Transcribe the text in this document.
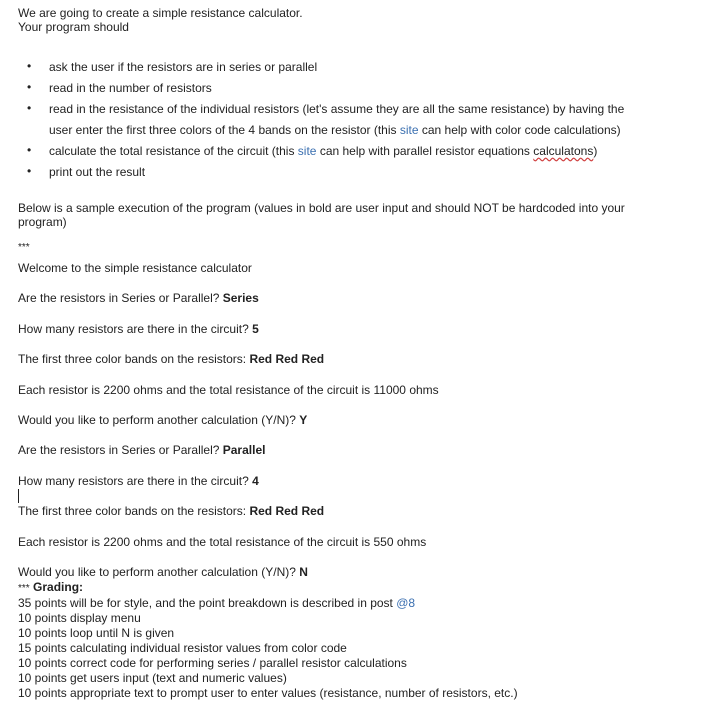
We are going to create a simple resistance calculator.
Your program should
• ask the user if the resistors are in series or parallel
• read in the number of resistors
• read in the resistance of the individual resistors (let's assume they are all the same resistance) by having the
user enter the first three colors of the 4 bands on the resistor (this site can help with color code calculations)
• calculate the total resistance of the circuit (this site can help with parallel resistor equations calculatons)
• print out the result
Below is a sample execution of the program (values in bold are user input and should NOT be hardcoded into your
program)
***
Welcome to the simple resistance calculator
Are the resistors in Series or Parallel? Series
How many resistors are there in the circuit? 5
The first three color bands on the resistors: Red Red Red
Each resistor is 2200 ohms and the total resistance of the circuit is 11000 ohms
Would you like to perform another calculation (Y/N)? Y
Are the resistors in Series or Parallel? Parallel
How many resistors are there in the circuit? 4
The first three color bands on the resistors: Red Red Red
Each resistor is 2200 ohms and the total resistance of the circuit is 550 ohms
Would you like to perform another calculation (Y/N)? N
*** Grading:
35 points will be for style, and the point breakdown is described in post @8
10 points display menu
10 points loop until N is given
15 points calculating individual resistor values from color code
10 points correct code for performing series / parallel resistor calculations
10 points get users input (text and numeric values)
10 points appropriate text to prompt user to enter values (resistance, number of resistors, etc.)
